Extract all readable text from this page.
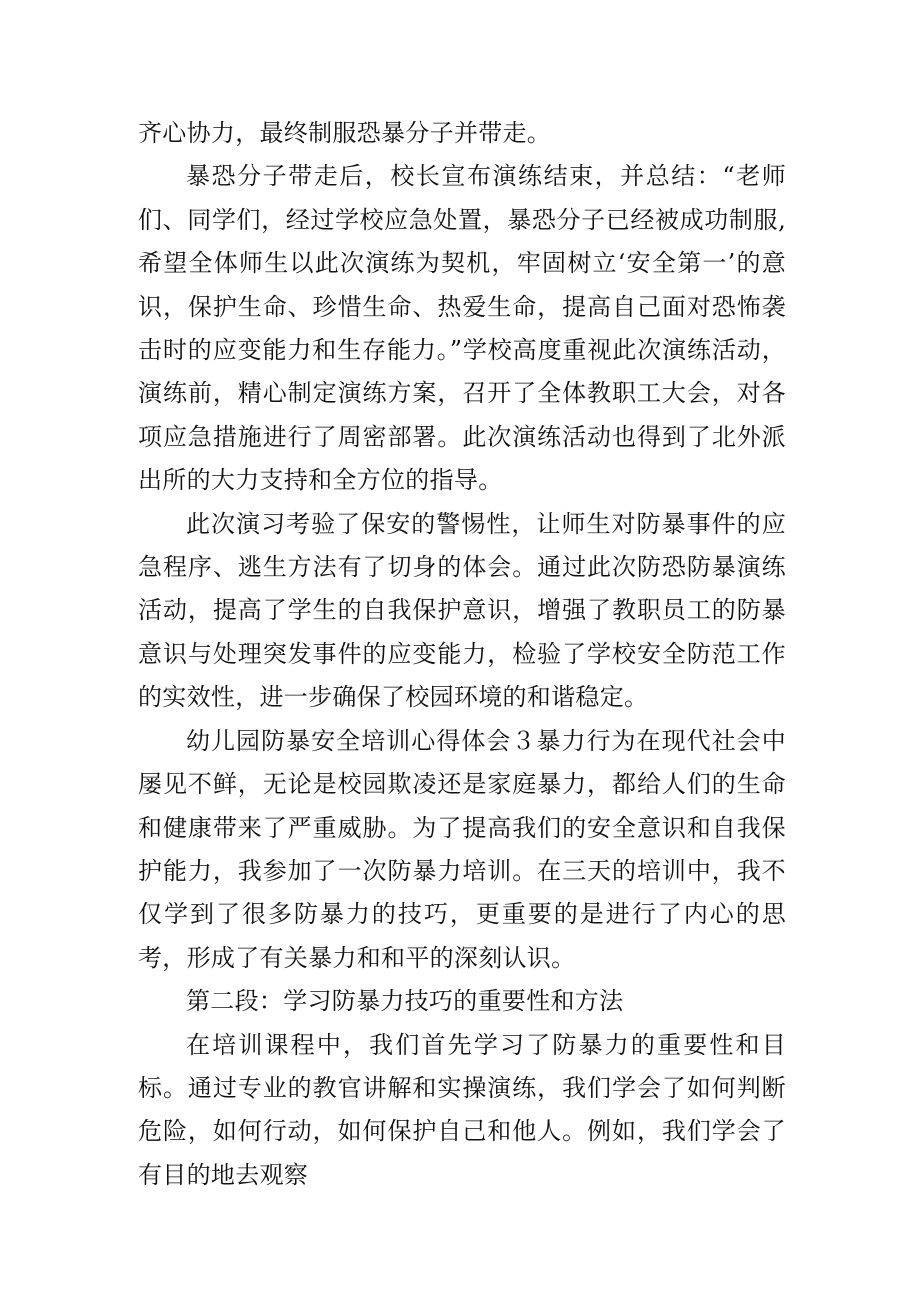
齐心协力，最终制服恐暴分子并带走。

暴恐分子带走后，校长宣布演练结束，并总结：“老师们、同学们，经过学校应急处置，暴恐分子已经被成功制服,希望全体师生以此次演练为契机，牢固树立‘安全第一’的意识，保护生命、珍惜生命、热爱生命，提高自己面对恐怖袭击时的应变能力和生存能力。”学校高度重视此次演练活动，演练前，精心制定演练方案，召开了全体教职工大会，对各项应急措施进行了周密部署。此次演练活动也得到了北外派出所的大力支持和全方位的指导。

此次演习考验了保安的警惕性，让师生对防暴事件的应急程序、逃生方法有了切身的体会。通过此次防恐防暴演练活动，提高了学生的自我保护意识，增强了教职员工的防暴意识与处理突发事件的应变能力，检验了学校安全防范工作的实效性，进一步确保了校园环境的和谐稳定。

幼儿园防暴安全培训心得体会３暴力行为在现代社会中屡见不鲜，无论是校园欺凌还是家庭暴力，都给人们的生命和健康带来了严重威胁。为了提高我们的安全意识和自我保护能力，我参加了一次防暴力培训。在三天的培训中，我不仅学到了很多防暴力的技巧，更重要的是进行了内心的思考，形成了有关暴力和和平的深刻认识。

第二段：学习防暴力技巧的重要性和方法

在培训课程中，我们首先学习了防暴力的重要性和目标。通过专业的教官讲解和实操演练，我们学会了如何判断危险，如何行动，如何保护自己和他人。例如，我们学会了有目的地去观察
